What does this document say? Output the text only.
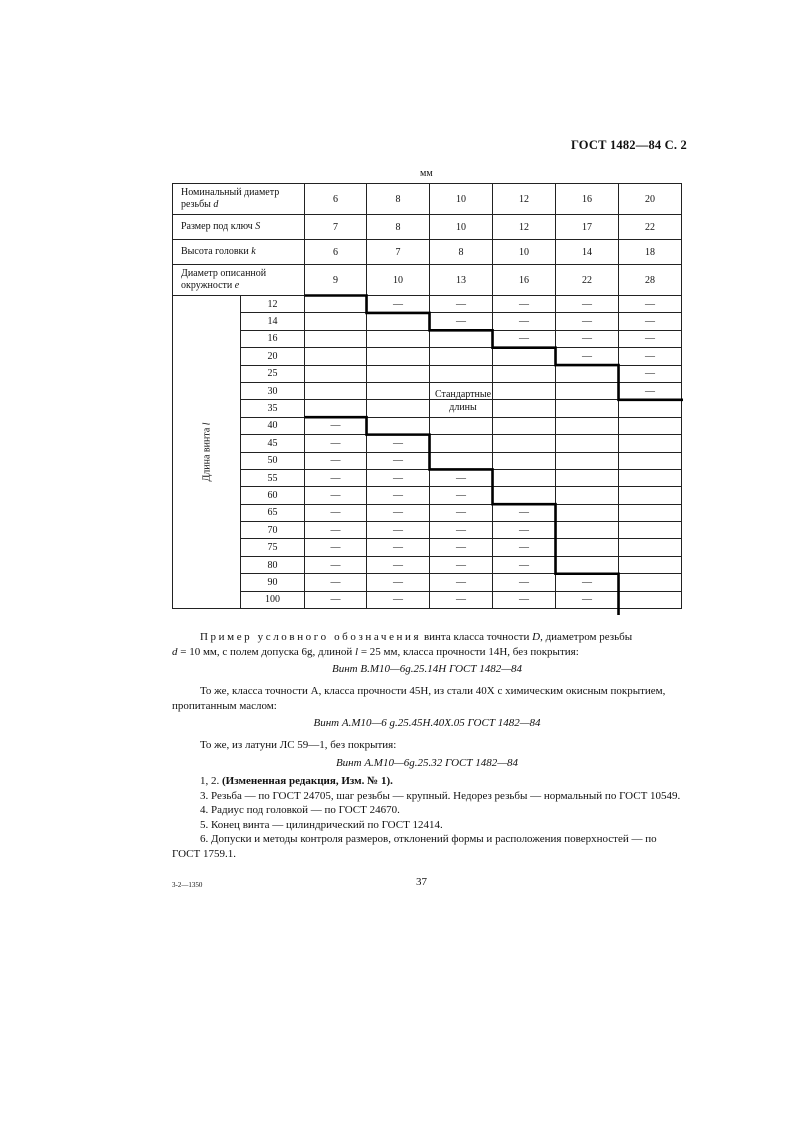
ГОСТ 1482—84 С. 2
мм
Номинальный диаметр резьбы d		6	8	10	12	16	20
Размер под ключ S		7	8	10	12	17	22
Высота головки k		6	7	8	10	14	18
Диаметр описанной окружности e		9	10	13	16	22	28

Длина винта l	12		—	—	—	—	—
	14			—	—	—	—
	16				—	—	—
	20					—	—
	25						—
	30						—
	35						
	40	—					
	45	—	—				
	50	—	—				
	55	—	—	—			
	60	—	—	—			
	65	—	—	—	—		
	70	—	—	—	—		
	75	—	—	—	—		
	80	—	—	—	—		
	90	—	—	—	—	—	
	100	—	—	—	—	—	
Стандартные длины
Пример условного обозначения винта класса точности D, диаметром резьбы
d = 10 мм, с полем допуска 6g, длиной l = 25 мм, класса прочности 14H, без покрытия:
Винт В.М10—6g.25.14Н ГОСТ 1482—84
То же, класса точности А, класса прочности 45H, из стали 40Х с химическим окисным покрытием, пропитанным маслом:
Винт А.М10—6 g.25.45Н.40Х.05 ГОСТ 1482—84
То же, из латуни ЛС 59—1, без покрытия:
Винт А.М10—6g.25.32 ГОСТ 1482—84
1, 2. (Измененная редакция, Изм. № 1).
3. Резьба — по ГОСТ 24705, шаг резьбы — крупный. Недорез резьбы — нормальный по ГОСТ 10549.
4. Радиус под головкой — по ГОСТ 24670.
5. Конец винта — цилиндрический по ГОСТ 12414.
6. Допуски и методы контроля размеров, отклонений формы и расположения поверхностей — по ГОСТ 1759.1.
3-2—1350	37
